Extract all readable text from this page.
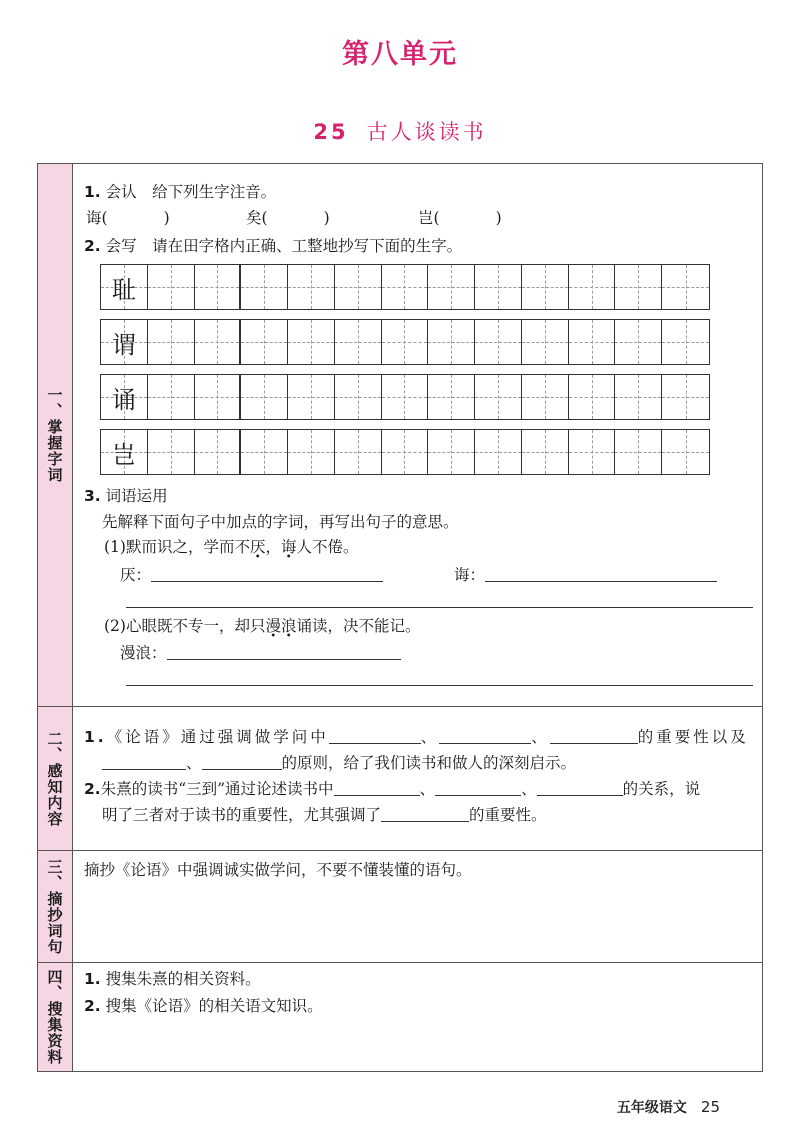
第八单元
25 古人谈读书
一、掌握字词
1. 会认　给下列生字注音。
诲(	)	矣(	)	岂(	)
2. 会写　请在田字格内正确、工整地抄写下面的生字。
耻
谓
诵
岂
3. 词语运用
先解释下面句子中加点的字词，再写出句子的意思。
(1)默而识之，学而不厌，诲人不倦。
厌：	诲：
(2)心眼既不专一，却只漫浪诵读，决不能记。
漫浪：
二、感知内容 1.《论语》通过强调做学问中	、	、	的重要性以及
、	的原则，给了我们读书和做人的深刻启示。
2.朱熹的读书“三到”通过论述读书中	、	、	的关系，说
明了三者对于读书的重要性，尤其强调了	的重要性。
三、摘抄词句 摘抄《论语》中强调诚实做学问，不要不懂装懂的语句。
四、搜集资料 1. 搜集朱熹的相关资料。
2. 搜集《论语》的相关语文知识。
五年级语文 25
